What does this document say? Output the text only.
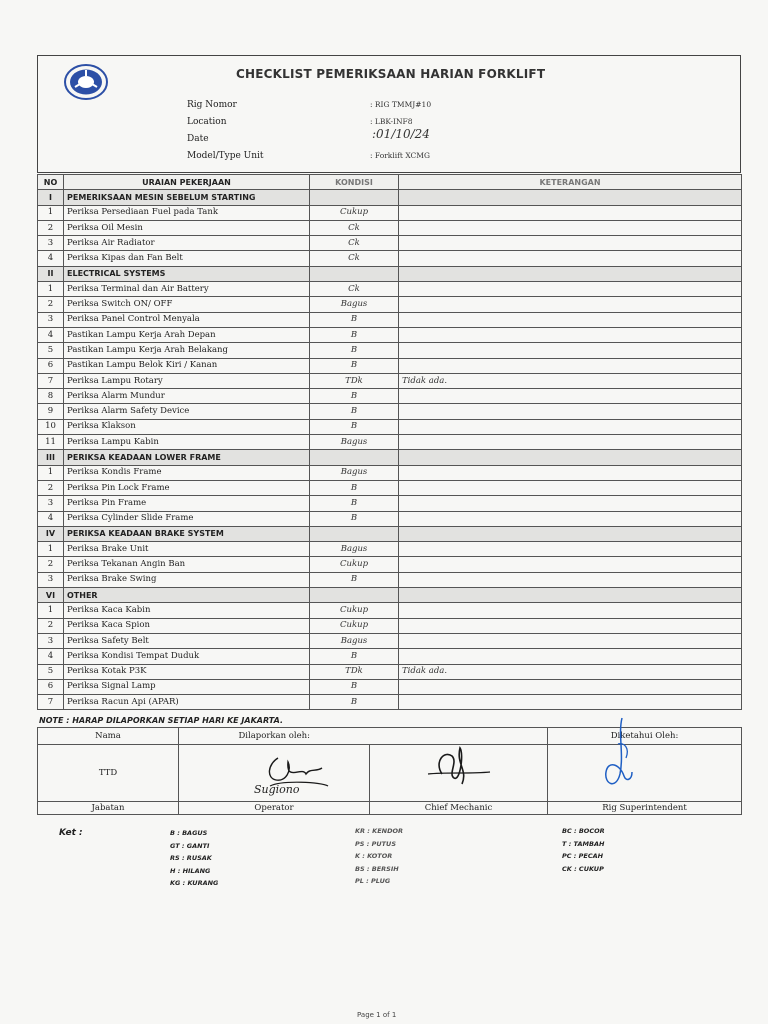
CHECKLIST PEMERIKSAAN HARIAN FORKLIFT
Rig Nomor	: RIG TMMJ#10
Location	: LBK-INF8
Date	:01/10/24
Model/Type Unit	: Forklift XCMG
NO	URAIAN PEKERJAAN	KONDISI	KETERANGAN
I	PEMERIKSAAN MESIN SEBELUM STARTING		
1	Periksa Persediaan Fuel pada Tank	Cukup	
2	Periksa Oil Mesin	Ck	
3	Periksa Air Radiator	Ck	
4	Periksa Kipas dan Fan Belt	Ck	
II	ELECTRICAL SYSTEMS		
1	Periksa Terminal dan Air Battery	Ck	
2	Periksa Switch ON/ OFF	Bagus	
3	Periksa Panel Control Menyala	B	
4	Pastikan Lampu Kerja Arah Depan	B	
5	Pastikan Lampu Kerja Arah Belakang	B	
6	Pastikan Lampu Belok Kiri / Kanan	B	
7	Periksa Lampu Rotary	TDk	Tidak ada.
8	Periksa Alarm Mundur	B	
9	Periksa Alarm Safety Device	B	
10	Periksa Klakson	B	
11	Periksa Lampu Kabin	Bagus	
III	PERIKSA KEADAAN LOWER FRAME		
1	Periksa Kondis Frame	Bagus	
2	Periksa Pin Lock Frame	B	
3	Periksa Pin Frame	B	
4	Periksa Cylinder Slide Frame	B	
IV	PERIKSA KEADAAN BRAKE SYSTEM		
1	Periksa Brake Unit	Bagus	
2	Periksa Tekanan Angin Ban	Cukup	
3	Periksa Brake Swing	B	
VI	OTHER		
1	Periksa Kaca Kabin	Cukup	
2	Periksa Kaca Spion	Cukup	
3	Periksa Safety Belt	Bagus	
4	Periksa Kondisi Tempat Duduk	B	
5	Periksa Kotak P3K	TDk	Tidak ada.
6	Periksa Signal Lamp	B	
7	Periksa Racun Api (APAR)	B	
NOTE : HARAP DILAPORKAN SETIAP HARI KE JAKARTA.
Nama	Dilaporkan oleh:		Diketahui Oleh:
TTD			
Jabatan	Operator	Chief Mechanic	Rig Superintendent
Sugiono
Ket :	B : BAGUS
GT : GANTI
RS : RUSAK
H : HILANG
KG : KURANG
KR : KENDOR
PS : PUTUS
K : KOTOR
BS : BERSIH
PL : PLUG
BC : BOCOR
T : TAMBAH
PC : PECAH
CK : CUKUP
Page 1 of 1
